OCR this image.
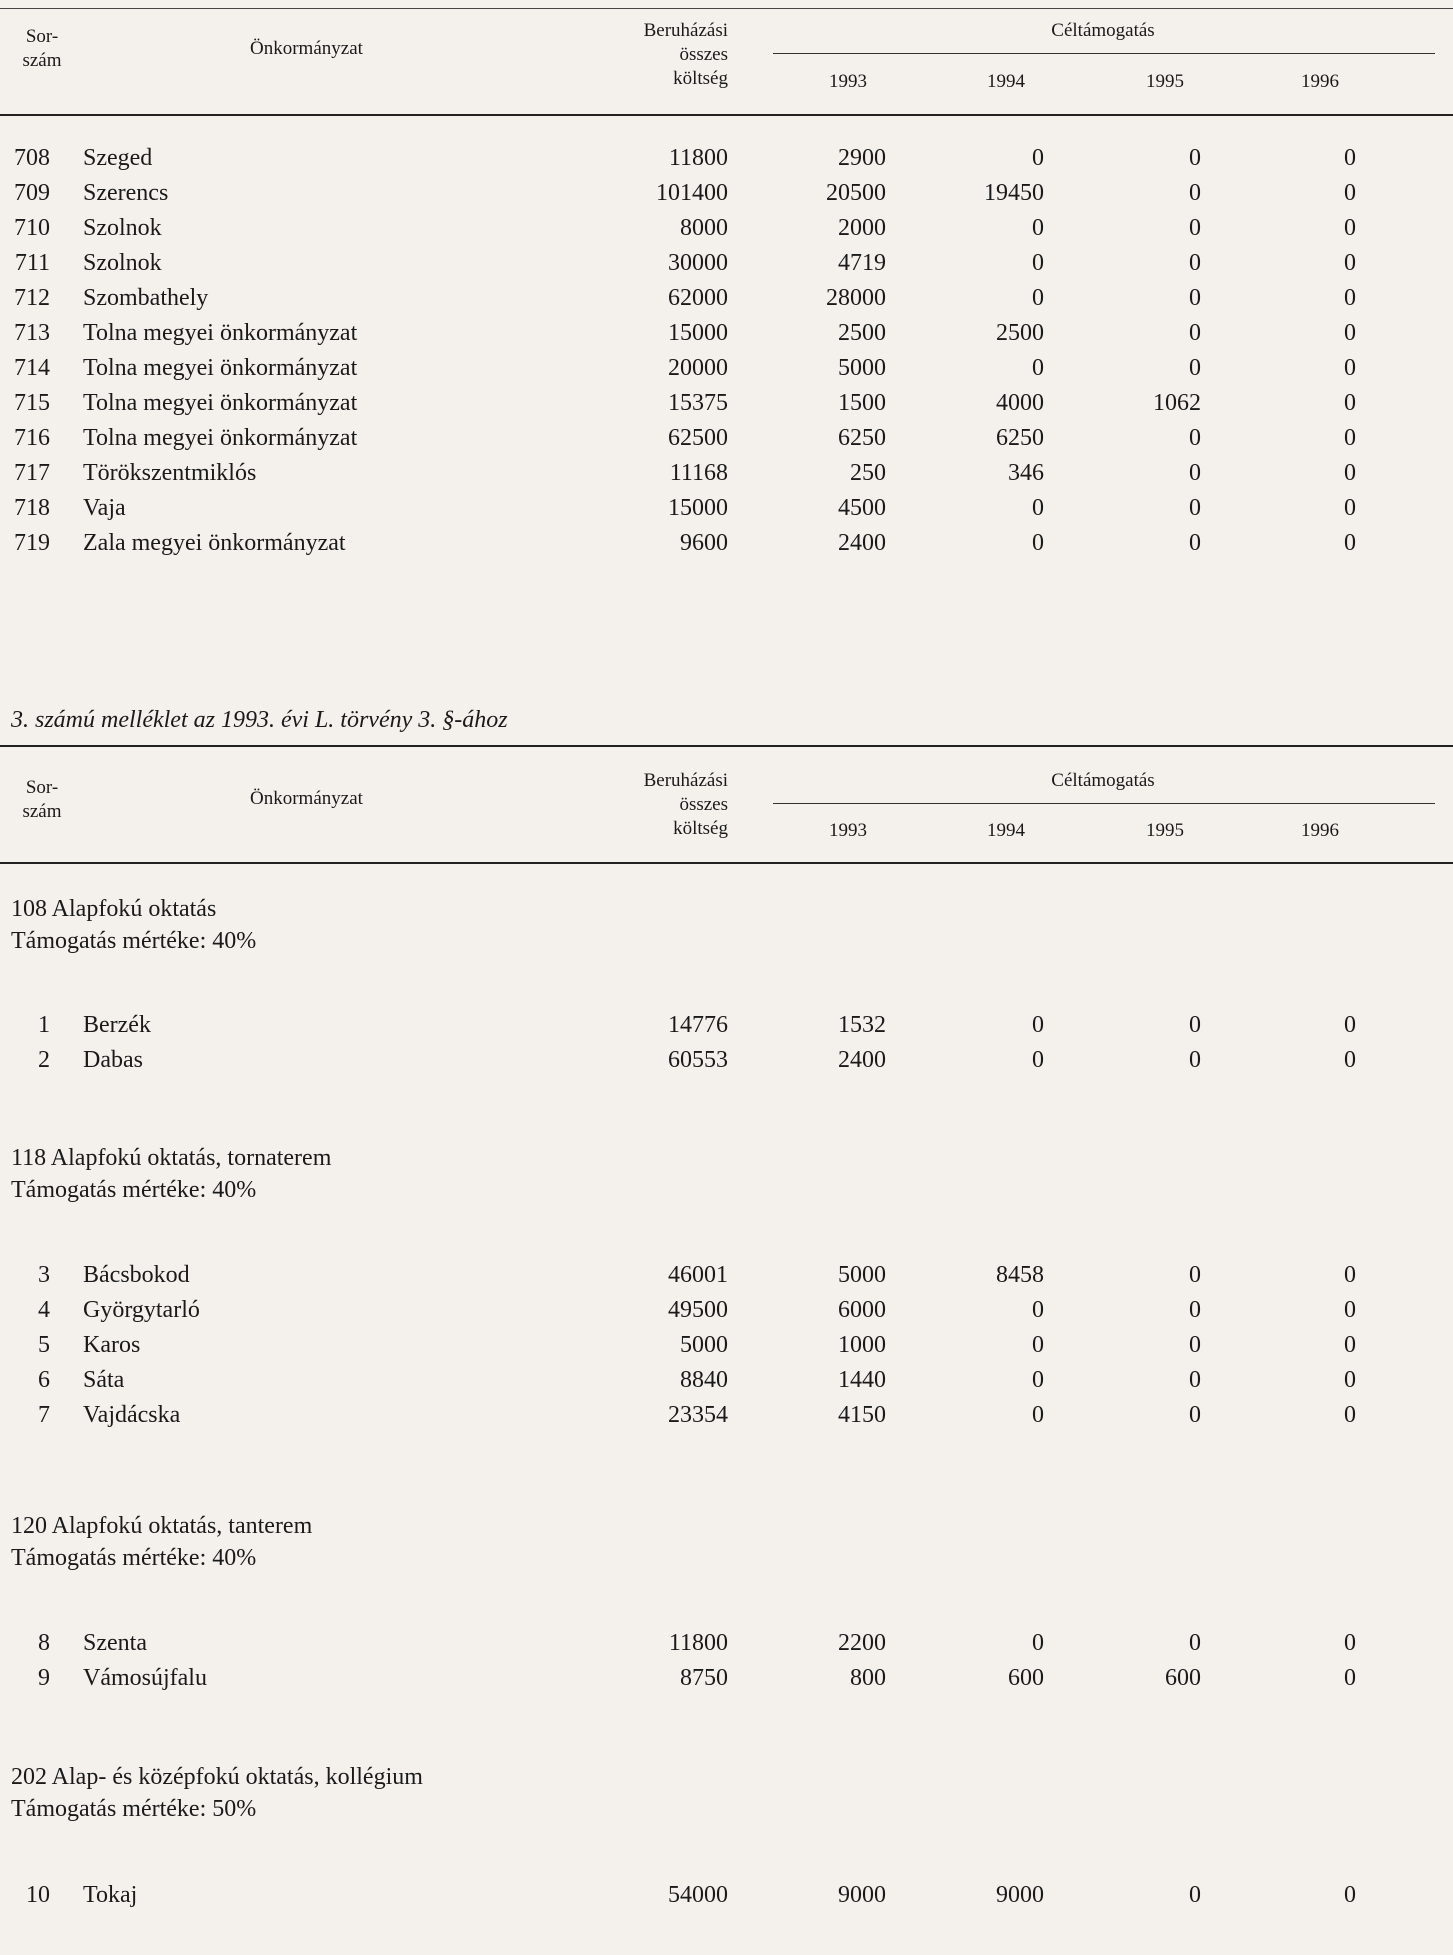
Sor-
szám
Önkormányzat
Beruházási
összes
költség
Céltámogatás
1993	1994	1995	1996
708 Szeged	11800	2900	0	0	0
709 Szerencs	101400	20500	19450	0	0
710 Szolnok	8000	2000	0	0	0
711 Szolnok	30000	4719	0	0	0
712 Szombathely	62000	28000	0	0	0
713 Tolna megyei önkormányzat	15000	2500	2500	0	0
714 Tolna megyei önkormányzat	20000	5000	0	0	0
715 Tolna megyei önkormányzat	15375	1500	4000	1062	0
716 Tolna megyei önkormányzat	62500	6250	6250	0	0
717 Törökszentmiklós	11168	250	346	0	0
718 Vaja	15000	4500	0	0	0
719 Zala megyei önkormányzat	9600	2400	0	0	0
3. számú melléklet az 1993. évi L. törvény 3. §-ához
Sor-
szám
Önkormányzat
Beruházási
összes
költség
Céltámogatás
1993	1994	1995	1996
108 Alapfokú oktatás
Támogatás mértéke: 40%
118 Alapfokú oktatás, tornaterem
Támogatás mértéke: 40%
120 Alapfokú oktatás, tanterem
Támogatás mértéke: 40%
202 Alap- és középfokú oktatás, kollégium
Támogatás mértéke: 50%
1 Berzék	14776	1532	0	0	0
2 Dabas	60553	2400	0	0	0
3 Bácsbokod	46001	5000	8458	0	0
4 Györgytarló	49500	6000	0	0	0
5 Karos	5000	1000	0	0	0
6 Sáta	8840	1440	0	0	0
7 Vajdácska	23354	4150	0	0	0
8 Szenta	11800	2200	0	0	0
9 Vámosújfalu	8750	800	600	600	0
10 Tokaj	54000	9000	9000	0	0
